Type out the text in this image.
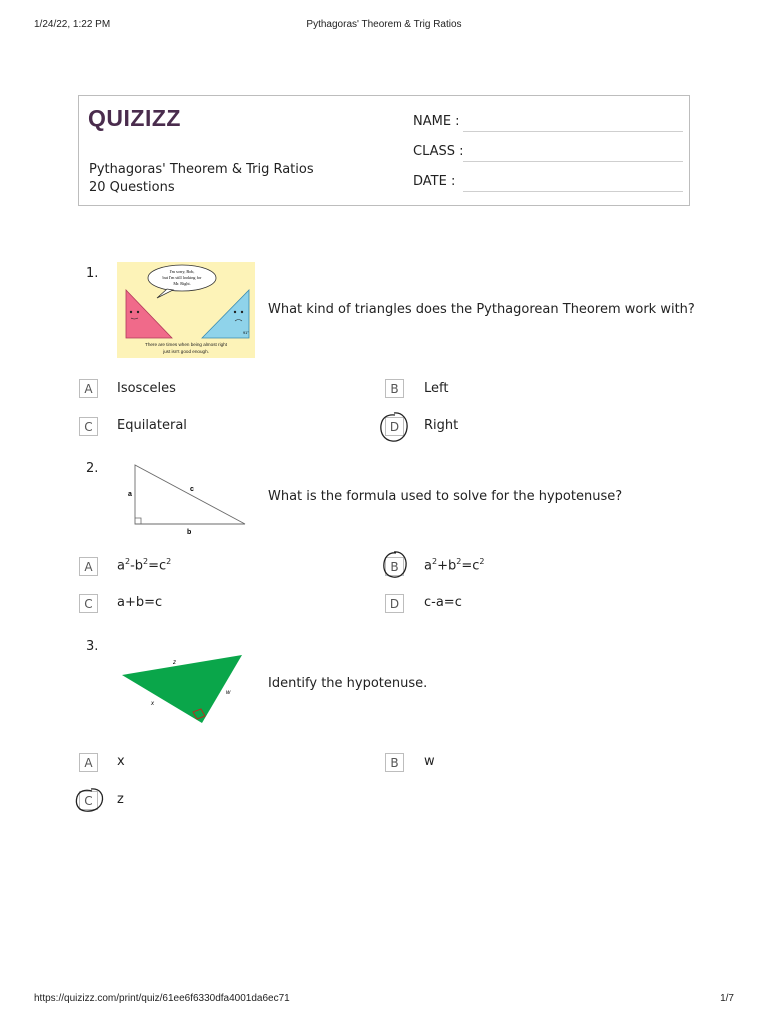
1/24/22, 1:22 PM	Pythagoras' Theorem & Trig Ratios
QUIZIZZ
Pythagoras' Theorem & Trig Ratios
20 Questions
NAME :
CLASS :
DATE :
1.	I'm sorry, Bob,
but I'm still looking for
Mr. Right.
91°
There are times when being almost right
just isn't good enough.
What kind of triangles does the Pythagorean Theorem work with?
A	Isosceles	B	Left
C	Equilateral	D	Right
2.
a
b
c	What is the formula used to solve for the hypotenuse?
A	$a^2-b^2=c^2$	B	$a^2+b^2=c^2$
C	a+b=c	D	c-a=c
3.
z
w
x
Identify the hypotenuse.
A	x	B	w
C	z
https://quizizz.com/print/quiz/61ee6f6330dfa4001da6ec71	1/7
